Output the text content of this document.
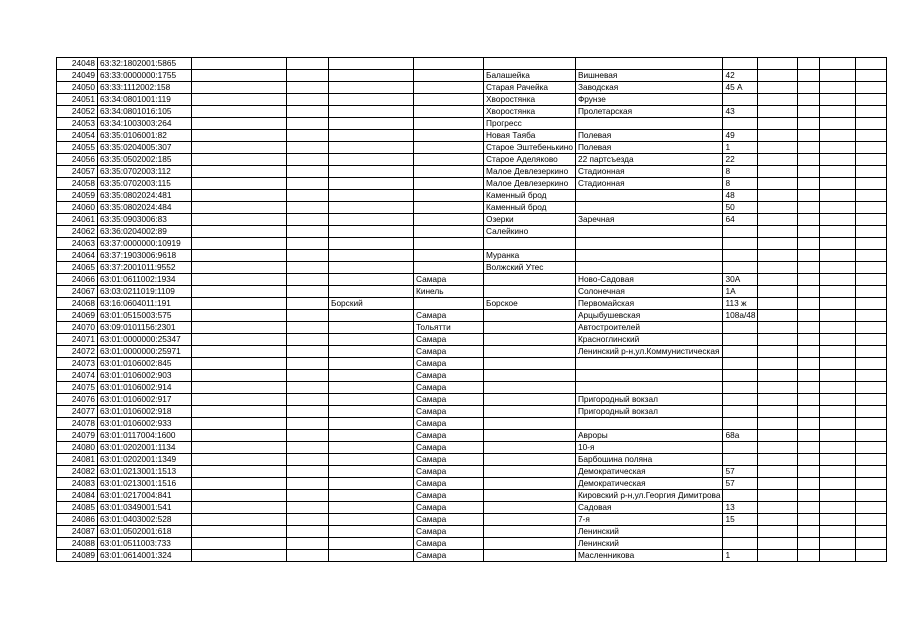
24048	63:32:1802001:5865											
24049	63:33:0000000:1755					Балашейка	Вишневая	42				
24050	63:33:1112002:158					Старая Рачейка	Заводская	45 А				
24051	63:34:0801001:119					Хворостянка	Фрунзе					
24052	63:34:0801016:105					Хворостянка	Пролетарская	43				
24053	63:34:1003003:264					Прогресс						
24054	63:35:0106001:82					Новая Таяба	Полевая	49				
24055	63:35:0204005:307					Старое Эштебенькино	Полевая	1				
24056	63:35:0502002:185					Старое Аделяково	22 партсъезда	22				
24057	63:35:0702003:112					Малое Девлезеркино	Стадионная	8				
24058	63:35:0702003:115					Малое Девлезеркино	Стадионная	8				
24059	63:35:0802024:481					Каменный брод		48				
24060	63:35:0802024:484					Каменный брод		50				
24061	63:35:0903006:83					Озерки	Заречная	64				
24062	63:36:0204002:89					Салейкино						
24063	63:37:0000000:10919											
24064	63:37:1903006:9618					Муранка						
24065	63:37:2001011:9552					Волжский Утес						
24066	63:01:0611002:1934				Самара		Ново-Садовая	30А				
24067	63:03:0211019:1109				Кинель		Солонечная	1А				
24068	63:16:0604011:191			Борский		Борское	Первомайская	113 ж				
24069	63:01:0515003:575				Самара		Арцыбушевская	108а/48				
24070	63:09:0101156:2301				Тольятти		Автостроителей					
24071	63:01:0000000:25347				Самара		Красноглинский					
24072	63:01:0000000:25971				Самара		Ленинский р-н,ул.Коммунистическая					
24073	63:01:0106002:845				Самара							
24074	63:01:0106002:903				Самара							
24075	63:01:0106002:914				Самара							
24076	63:01:0106002:917				Самара		Пригородный вокзал					
24077	63:01:0106002:918				Самара		Пригородный вокзал					
24078	63:01:0106002:933				Самара							
24079	63:01:0117004:1600				Самара		Авроры	68а				
24080	63:01:0202001:1134				Самара		10-я					
24081	63:01:0202001:1349				Самара		Барбошина поляна					
24082	63:01:0213001:1513				Самара		Демократическая	57				
24083	63:01:0213001:1516				Самара		Демократическая	57				
24084	63:01:0217004:841				Самара		Кировский р-н,ул.Георгия Димитрова					
24085	63:01:0349001:541				Самара		Садовая	13				
24086	63:01:0403002:528				Самара		7-я	15				
24087	63:01:0502001:618				Самара		Ленинский					
24088	63:01:0511003:733				Самара		Ленинский					
24089	63:01:0614001:324				Самара		Масленникова	1				
